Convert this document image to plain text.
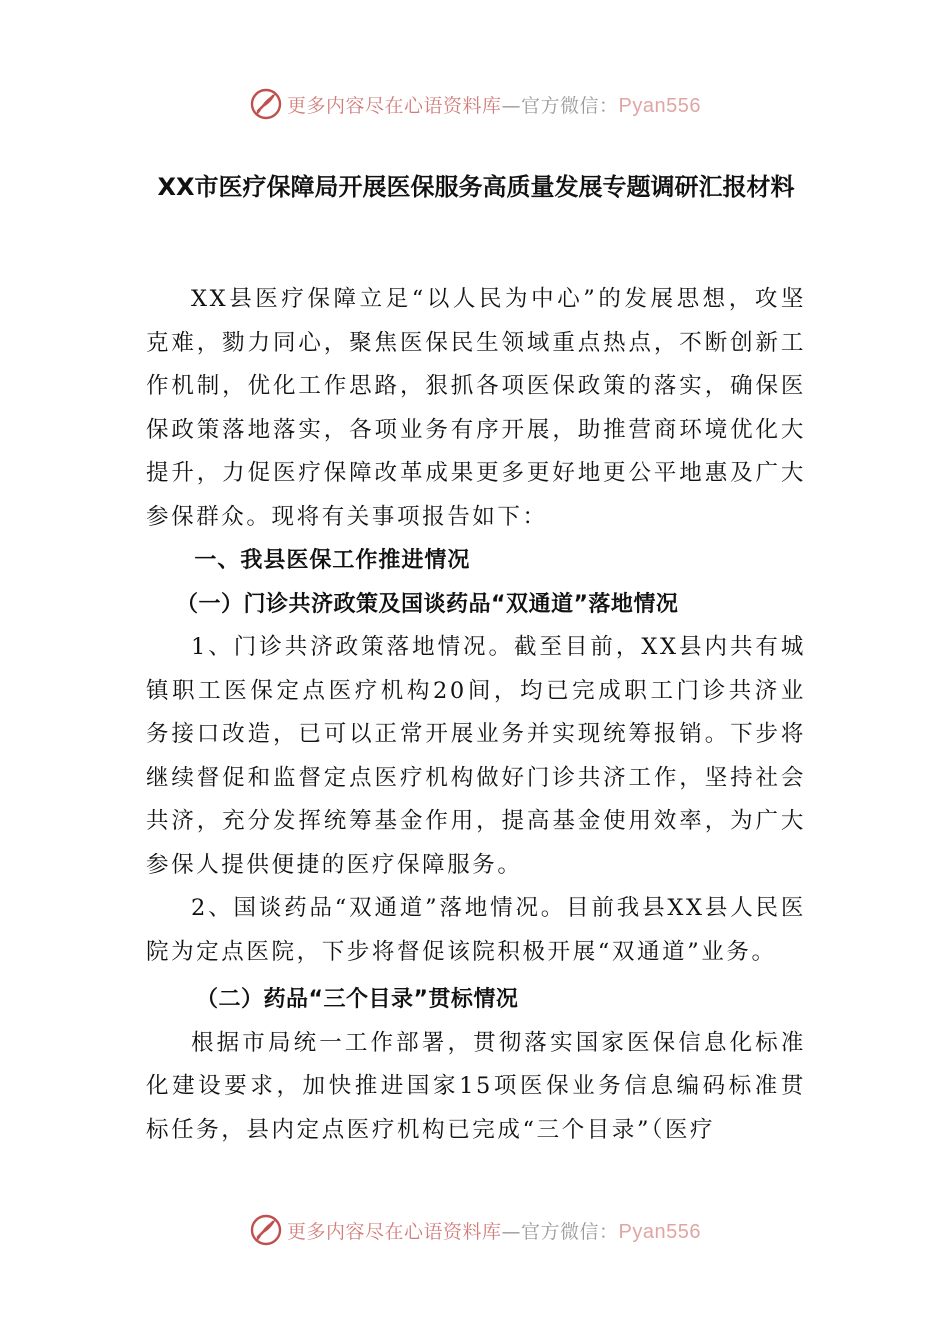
更多内容尽在心语资料库—官方微信：Pyan556
XX市医疗保障局开展医保服务高质量发展专题调研汇报材料

XX县医疗保障立足“以人民为中心”的发展思想，攻坚克难，勠力同心，聚焦医保民生领域重点热点，不断创新工作机制，优化工作思路，狠抓各项医保政策的落实，确保医保政策落地落实，各项业务有序开展，助推营商环境优化大提升，力促医疗保障改革成果更多更好地更公平地惠及广大参保群众。现将有关事项报告如下：

一、我县医保工作推进情况

（一）门诊共济政策及国谈药品“双通道”落地情况

1、门诊共济政策落地情况。截至目前，XX县内共有城镇职工医保定点医疗机构20间，均已完成职工门诊共济业务接口改造，已可以正常开展业务并实现统筹报销。下步将继续督促和监督定点医疗机构做好门诊共济工作，坚持社会共济，充分发挥统筹基金作用，提高基金使用效率，为广大参保人提供便捷的医疗保障服务。

2、国谈药品“双通道”落地情况。目前我县XX县人民医院为定点医院，下步将督促该院积极开展“双通道”业务。

（二）药品“三个目录”贯标情况

根据市局统一工作部署，贯彻落实国家医保信息化标准化建设要求，加快推进国家15项医保业务信息编码标准贯标任务，县内定点医疗机构已完成“三个目录”（医疗

更多内容尽在心语资料库—官方微信：Pyan556
